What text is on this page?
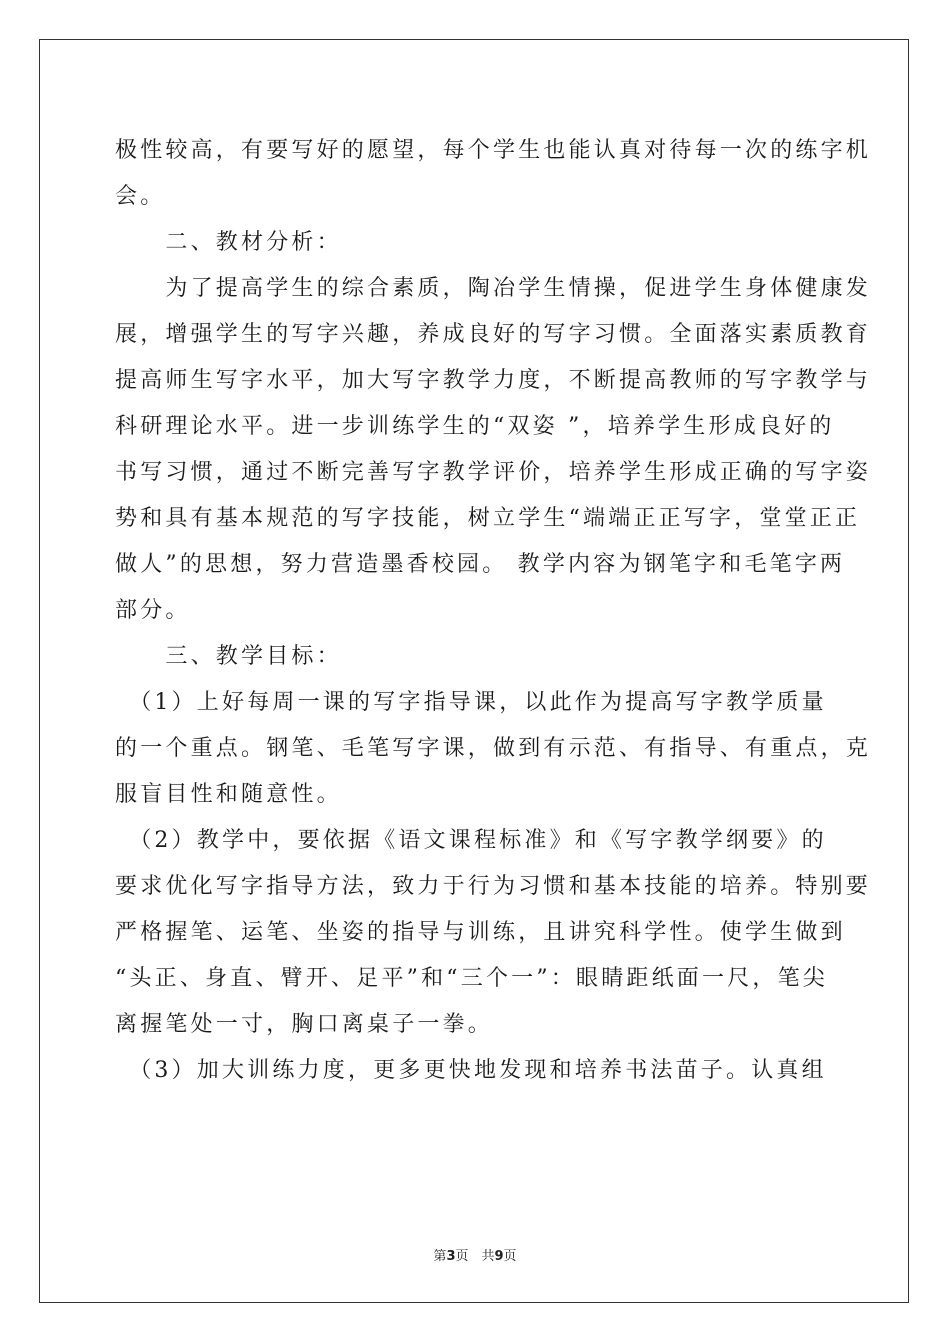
极性较高，有要写好的愿望，每个学生也能认真对待每一次的练字机
会。
　　二、教材分析：
　　为了提高学生的综合素质，陶冶学生情操，促进学生身体健康发
展，增强学生的写字兴趣，养成良好的写字习惯。全面落实素质教育
提高师生写字水平，加大写字教学力度，不断提高教师的写字教学与
科研理论水平。进一步训练学生的“双姿 ”，培养学生形成良好的
书写习惯，通过不断完善写字教学评价，培养学生形成正确的写字姿
势和具有基本规范的写字技能，树立学生“端端正正写字，堂堂正正
做人”的思想，努力营造墨香校园。 教学内容为钢笔字和毛笔字两
部分。
　　三、教学目标：
　（1）上好每周一课的写字指导课，以此作为提高写字教学质量
的一个重点。钢笔、毛笔写字课，做到有示范、有指导、有重点，克
服盲目性和随意性。
　（2）教学中，要依据《语文课程标准》和《写字教学纲要》的
要求优化写字指导方法，致力于行为习惯和基本技能的培养。特别要
严格握笔、运笔、坐姿的指导与训练，且讲究科学性。使学生做到
“头正、身直、臂开、足平”和“三个一”：眼睛距纸面一尺，笔尖
离握笔处一寸，胸口离桌子一拳。
　（3）加大训练力度，更多更快地发现和培养书法苗子。认真组
第3页　共9页
